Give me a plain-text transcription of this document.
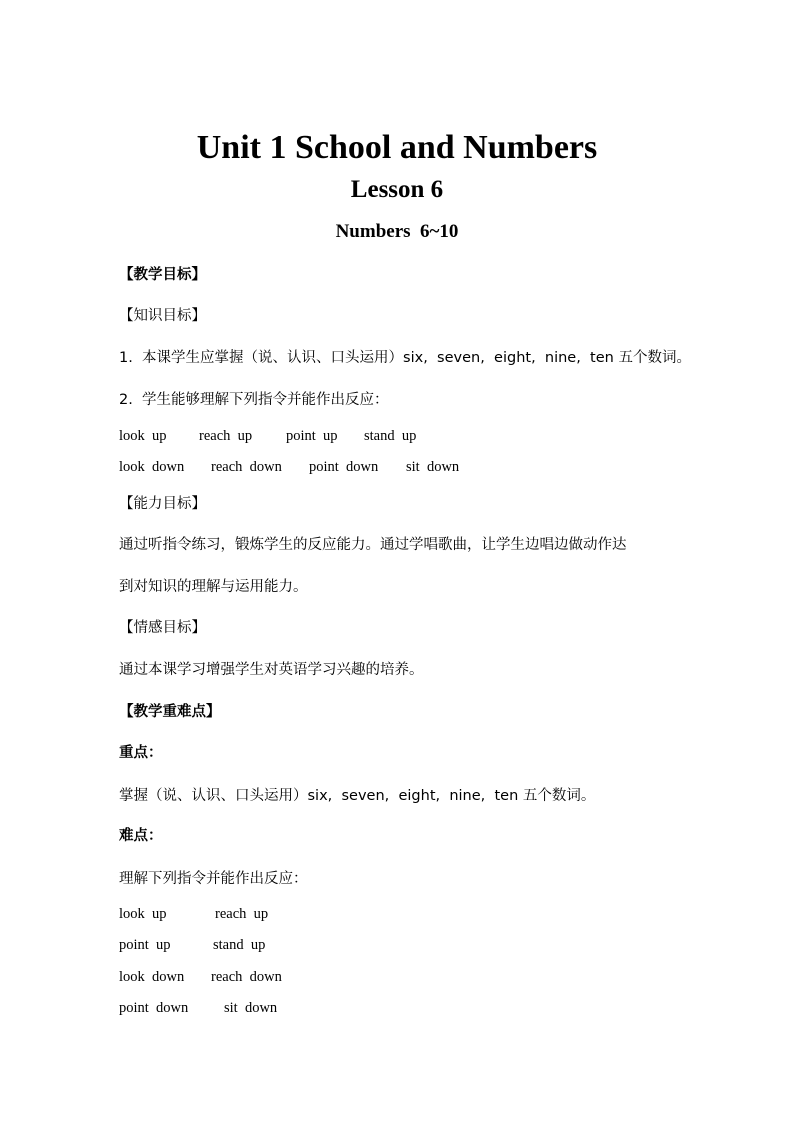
Unit 1 School and Numbers
Lesson 6
Numbers  6~10
【教学目标】
【知识目标】
1.  本课学生应掌握（说、认识、口头运用）six,  seven,  eight,  nine,  ten 五个数词。
2.  学生能够理解下列指令并能作出反应：

look  up

reach  up

point  up

stand  up

look  down

reach  down

point  down

sit  down

【能力目标】
通过听指令练习，锻炼学生的反应能力。通过学唱歌曲，让学生边唱边做动作达
到对知识的理解与运用能力。
【情感目标】
通过本课学习增强学生对英语学习兴趣的培养。
【教学重难点】
重点：
掌握（说、认识、口头运用）six,  seven,  eight,  nine,  ten 五个数词。
难点：
理解下列指令并能作出反应：

look  up

	reach  up

point  up

	stand  up

look  down

reach  down

point  down

sit  down
